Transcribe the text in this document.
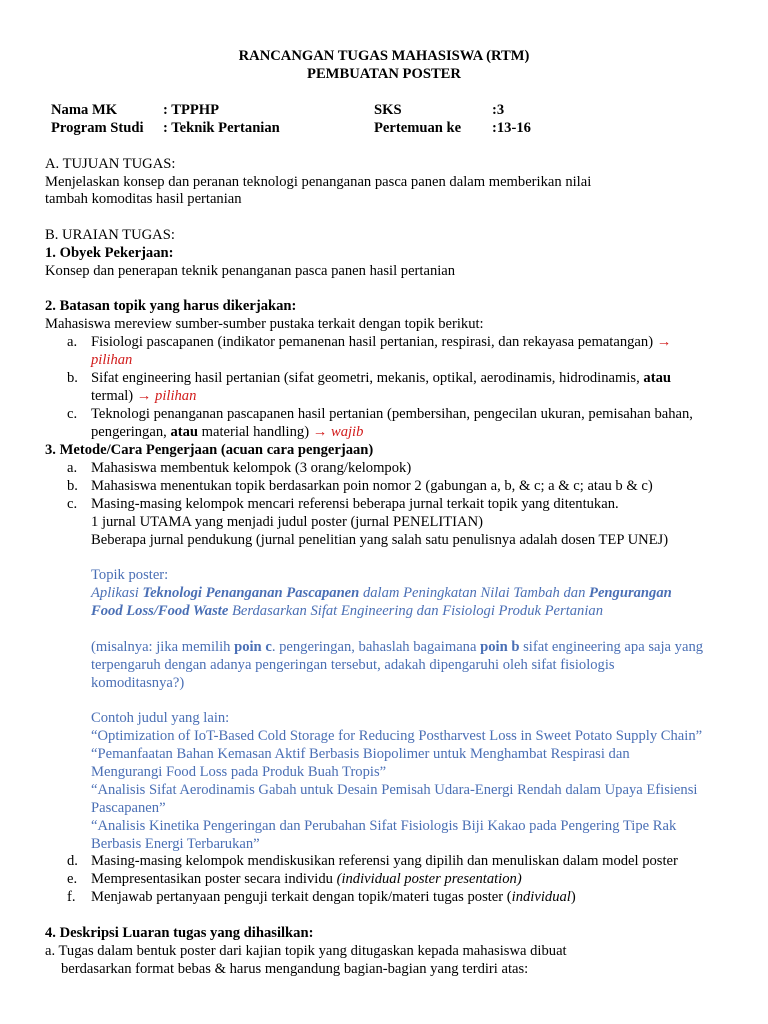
RANCANGAN TUGAS MAHASISWA (RTM)
PEMBUATAN POSTER
Nama MK	: TPPHP	SKS	:3
Program Studi : Teknik Pertanian	Pertemuan ke :13-16
A. TUJUAN TUGAS:
Menjelaskan konsep dan peranan teknologi penanganan pasca panen dalam memberikan nilai
tambah komoditas hasil pertanian
B. URAIAN TUGAS:
1. Obyek Pekerjaan:
Konsep dan penerapan teknik penanganan pasca panen hasil pertanian
2. Batasan topik yang harus dikerjakan:
Mahasiswa mereview sumber-sumber pustaka terkait dengan topik berikut:
a. Fisiologi pascapanen (indikator pemanenan hasil pertanian, respirasi, dan rekayasa pematangan) →
pilihan
b. Sifat engineering hasil pertanian (sifat geometri, mekanis, optikal, aerodinamis, hidrodinamis, atau
termal) → pilihan
c. Teknologi penanganan pascapanen hasil pertanian (pembersihan, pengecilan ukuran, pemisahan bahan,
pengeringan, atau material handling) → wajib
3. Metode/Cara Pengerjaan (acuan cara pengerjaan)
a. Mahasiswa membentuk kelompok (3 orang/kelompok)
b. Mahasiswa menentukan topik berdasarkan poin nomor 2 (gabungan a, b, & c; a & c; atau b & c)
c. Masing-masing kelompok mencari referensi beberapa jurnal terkait topik yang ditentukan.
1 jurnal UTAMA yang menjadi judul poster (jurnal PENELITIAN)
Beberapa jurnal pendukung (jurnal penelitian yang salah satu penulisnya adalah dosen TEP UNEJ)
Topik poster:
Aplikasi Teknologi Penanganan Pascapanen dalam Peningkatan Nilai Tambah dan Pengurangan
Food Loss/Food Waste Berdasarkan Sifat Engineering dan Fisiologi Produk Pertanian
(misalnya: jika memilih poin c. pengeringan, bahaslah bagaimana poin b sifat engineering apa saja yang
terpengaruh dengan adanya pengeringan tersebut, adakah dipengaruhi oleh sifat fisiologis
komoditasnya?)
Contoh judul yang lain:
“Optimization of IoT-Based Cold Storage for Reducing Postharvest Loss in Sweet Potato Supply Chain”
“Pemanfaatan Bahan Kemasan Aktif Berbasis Biopolimer untuk Menghambat Respirasi dan
Mengurangi Food Loss pada Produk Buah Tropis”
“Analisis Sifat Aerodinamis Gabah untuk Desain Pemisah Udara-Energi Rendah dalam Upaya Efisiensi
Pascapanen”
“Analisis Kinetika Pengeringan dan Perubahan Sifat Fisiologis Biji Kakao pada Pengering Tipe Rak
Berbasis Energi Terbarukan”
d. Masing-masing kelompok mendiskusikan referensi yang dipilih dan menuliskan dalam model poster
e. Mempresentasikan poster secara individu (individual poster presentation)
f. Menjawab pertanyaan penguji terkait dengan topik/materi tugas poster (individual)
4. Deskripsi Luaran tugas yang dihasilkan:
a. Tugas dalam bentuk poster dari kajian topik yang ditugaskan kepada mahasiswa dibuat
berdasarkan format bebas & harus mengandung bagian-bagian yang terdiri atas:
